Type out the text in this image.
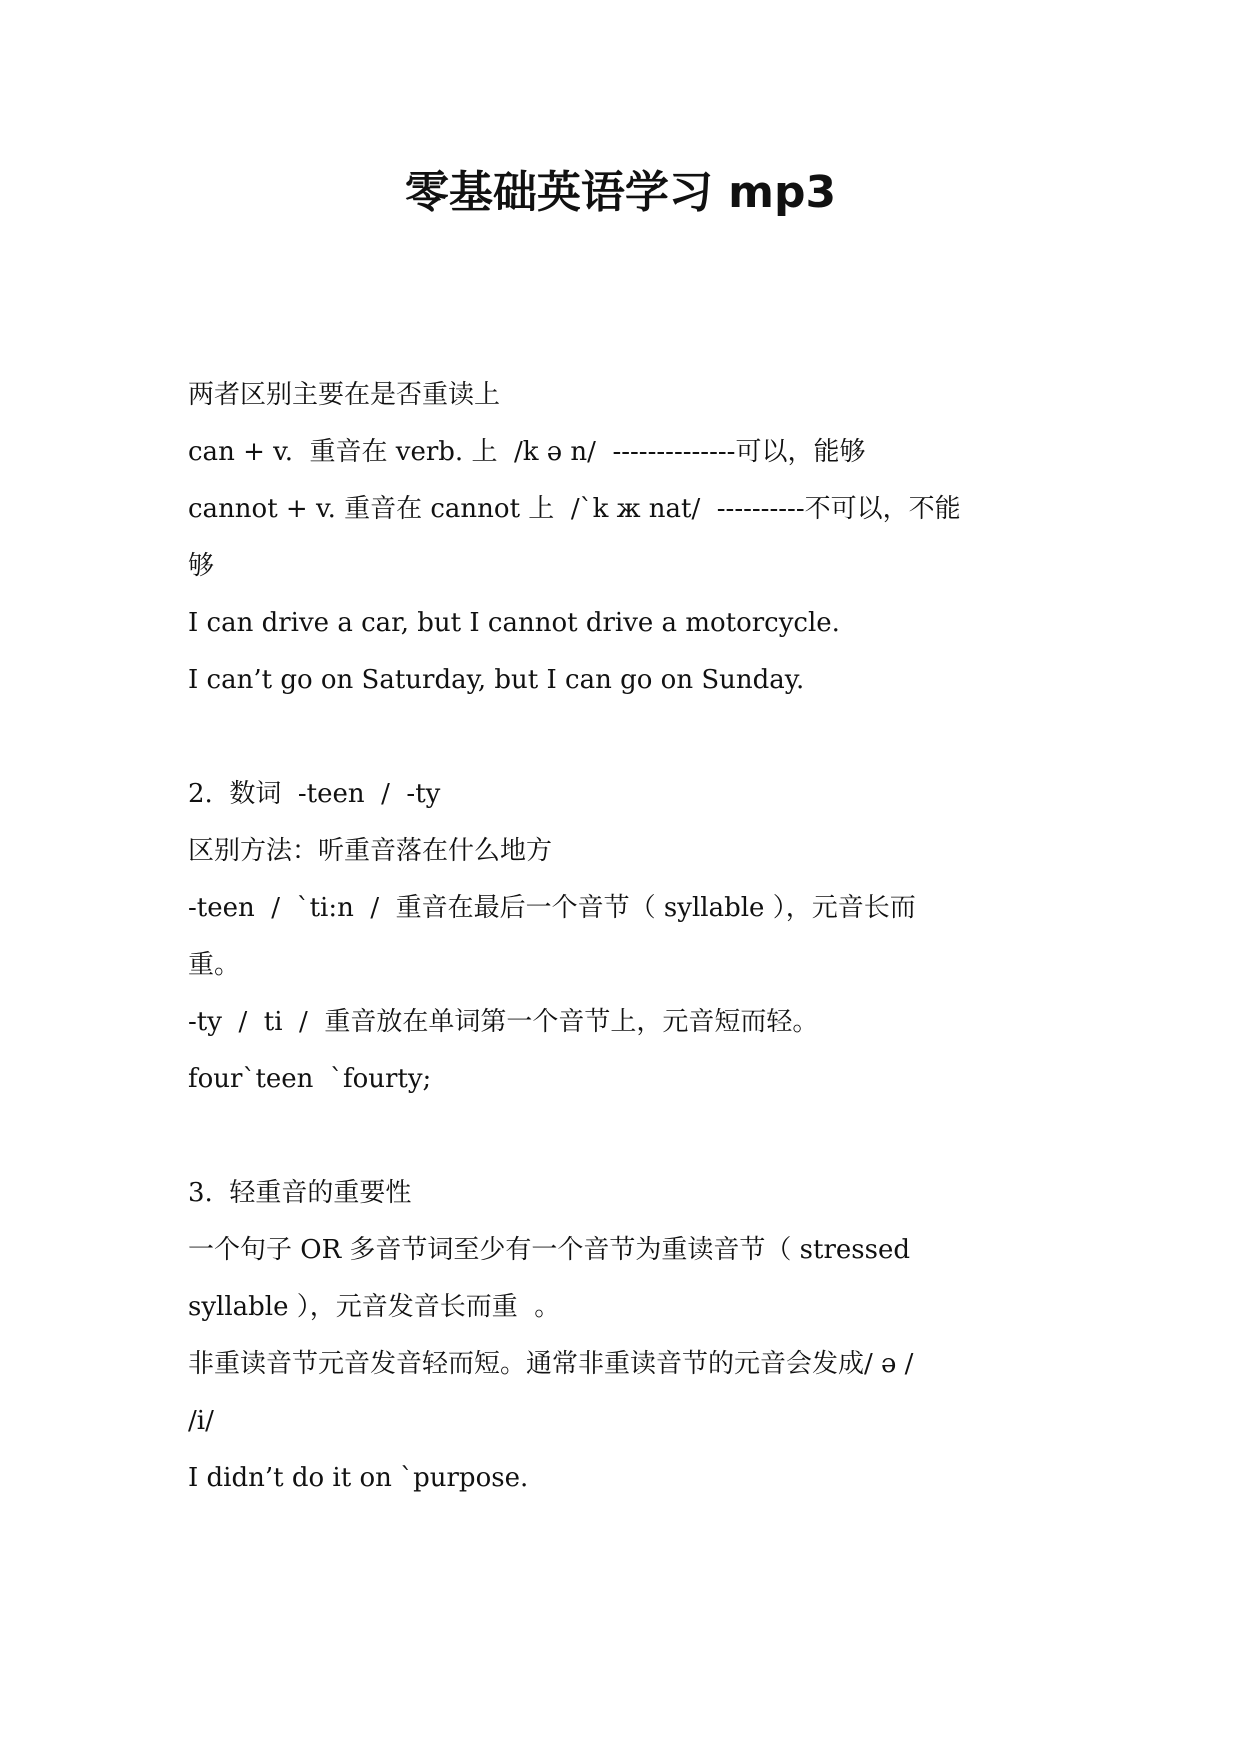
零基础英语学习 mp3

两者区别主要在是否重读上

can + v.  重音在 verb. 上  /k ə n/  --------------可以，能够

cannot + v. 重音在 cannot 上  /`k ж nat/  ----------不可以，不能

够

I can drive a car, but I cannot drive a motorcycle.

I can’t go on Saturday, but I can go on Sunday.

2.  数词  -teen  /  -ty

区别方法：听重音落在什么地方

-teen  /  `ti:n  /  重音在最后一个音节（ syllable ），元音长而

重。

-ty  /  ti  /  重音放在单词第一个音节上，元音短而轻。

four`teen  `fourty;

3.  轻重音的重要性

一个句子 OR 多音节词至少有一个音节为重读音节（ stressed

syllable ），元音发音长而重  。

非重读音节元音发音轻而短。通常非重读音节的元音会发成/ ə /

/i/

I didn’t do it on `purpose.
